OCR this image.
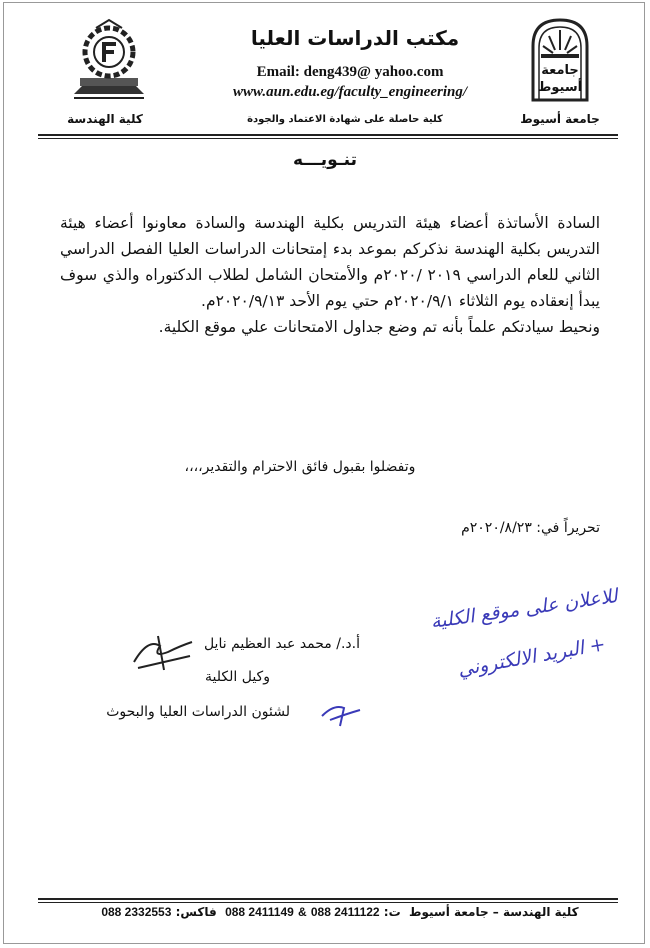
مكتب الدراسات العليا
Email: deng439@ yahoo.com
www.aun.edu.eg/faculty_engineering/
جامعة
أسيوط
كلية الهندسة	كلية حاصلة على شهادة الاعتماد والجودة	جامعة أسيوط
تنـويـــه

السادة الأساتذة أعضاء هيئة التدريس بكلية الهندسة والسادة معاونوا أعضاء هيئة التدريس بكلية الهندسة نذكركم بموعد بدء إمتحانات الدراسات العليا الفصل الدراسي الثاني للعام الدراسي ٢٠١٩ /٢٠٢٠م والأمتحان الشامل لطلاب الدكتوراه والذي سوف يبدأ إنعقاده يوم الثلاثاء ٢٠٢٠/٩/١م حتي يوم الأحد ٢٠٢٠/٩/١٣م.

ونحيط سيادتكم علماً بأنه تم وضع جداول الامتحانات علي موقع الكلية.

وتفضلوا بقبول فائق الاحترام والتقدير،،،،
تحريراً في: ٢٠٢٠/٨/٢٣م
أ.د./ محمد عبد العظيم نايل
وكيل الكلية
لشئون الدراسات العليا والبحوث
للاعلان على موقع الكلية
+ البريد الالكتروني
كلية الهندسة – جامعة أسيوط  ت: 088 2411122 & 088 2411149  فاكس: 088 2332553
